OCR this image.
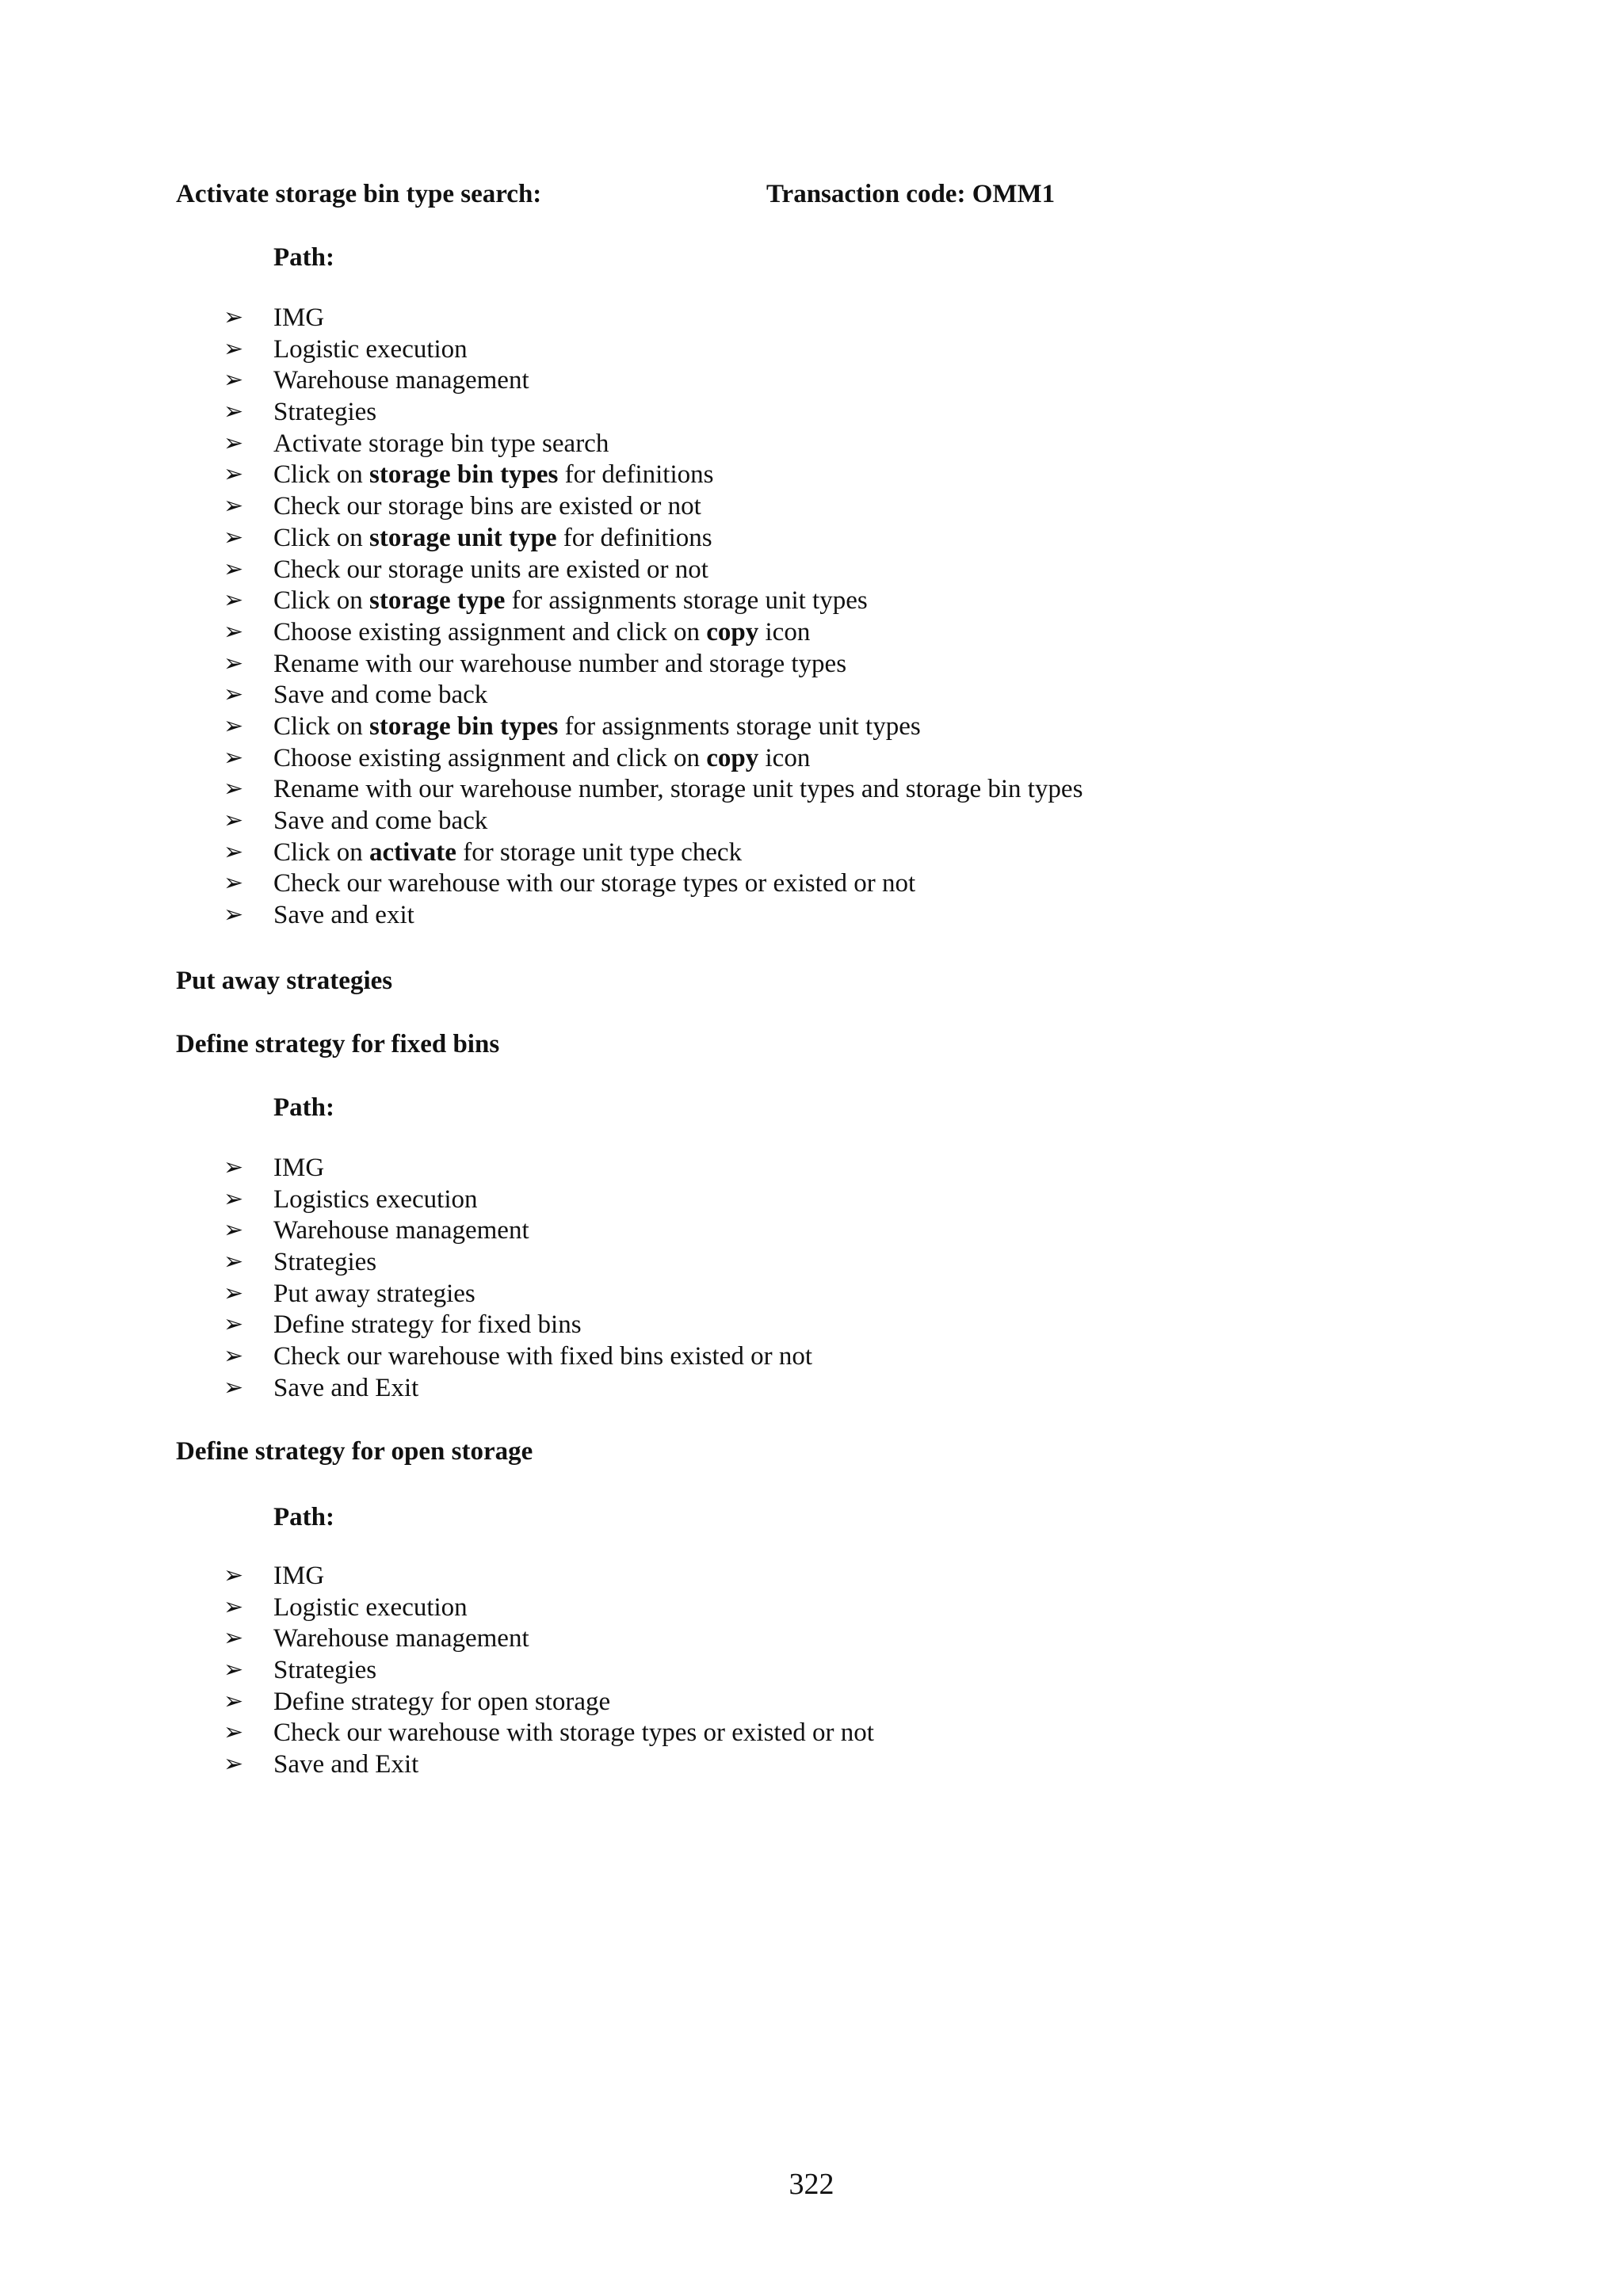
Activate storage bin type search:	Transaction code: OMM1
Path:
➢ IMG
➢ Logistic execution
➢ Warehouse management
➢ Strategies
➢ Activate storage bin type search
➢ Click on storage bin types for definitions
➢ Check our storage bins are existed or not
➢ Click on storage unit type for definitions
➢ Check our storage units are existed or not
➢ Click on storage type for assignments storage unit types
➢ Choose existing assignment and click on copy icon
➢ Rename with our warehouse number and storage types
➢ Save and come back
➢ Click on storage bin types for assignments storage unit types
➢ Choose existing assignment and click on copy icon
➢ Rename with our warehouse number, storage unit types and storage bin types
➢ Save and come back
➢ Click on activate for storage unit type check
➢ Check our warehouse with our storage types or existed or not
➢ Save and exit
Put away strategies
Define strategy for fixed bins
Path:
➢ IMG
➢ Logistics execution
➢ Warehouse management
➢ Strategies
➢ Put away strategies
➢ Define strategy for fixed bins
➢ Check our warehouse with fixed bins existed or not
➢ Save and Exit
Define strategy for open storage
Path:
➢ IMG
➢ Logistic execution
➢ Warehouse management
➢ Strategies
➢ Define strategy for open storage
➢ Check our warehouse with storage types or existed or not
➢ Save and Exit
322
